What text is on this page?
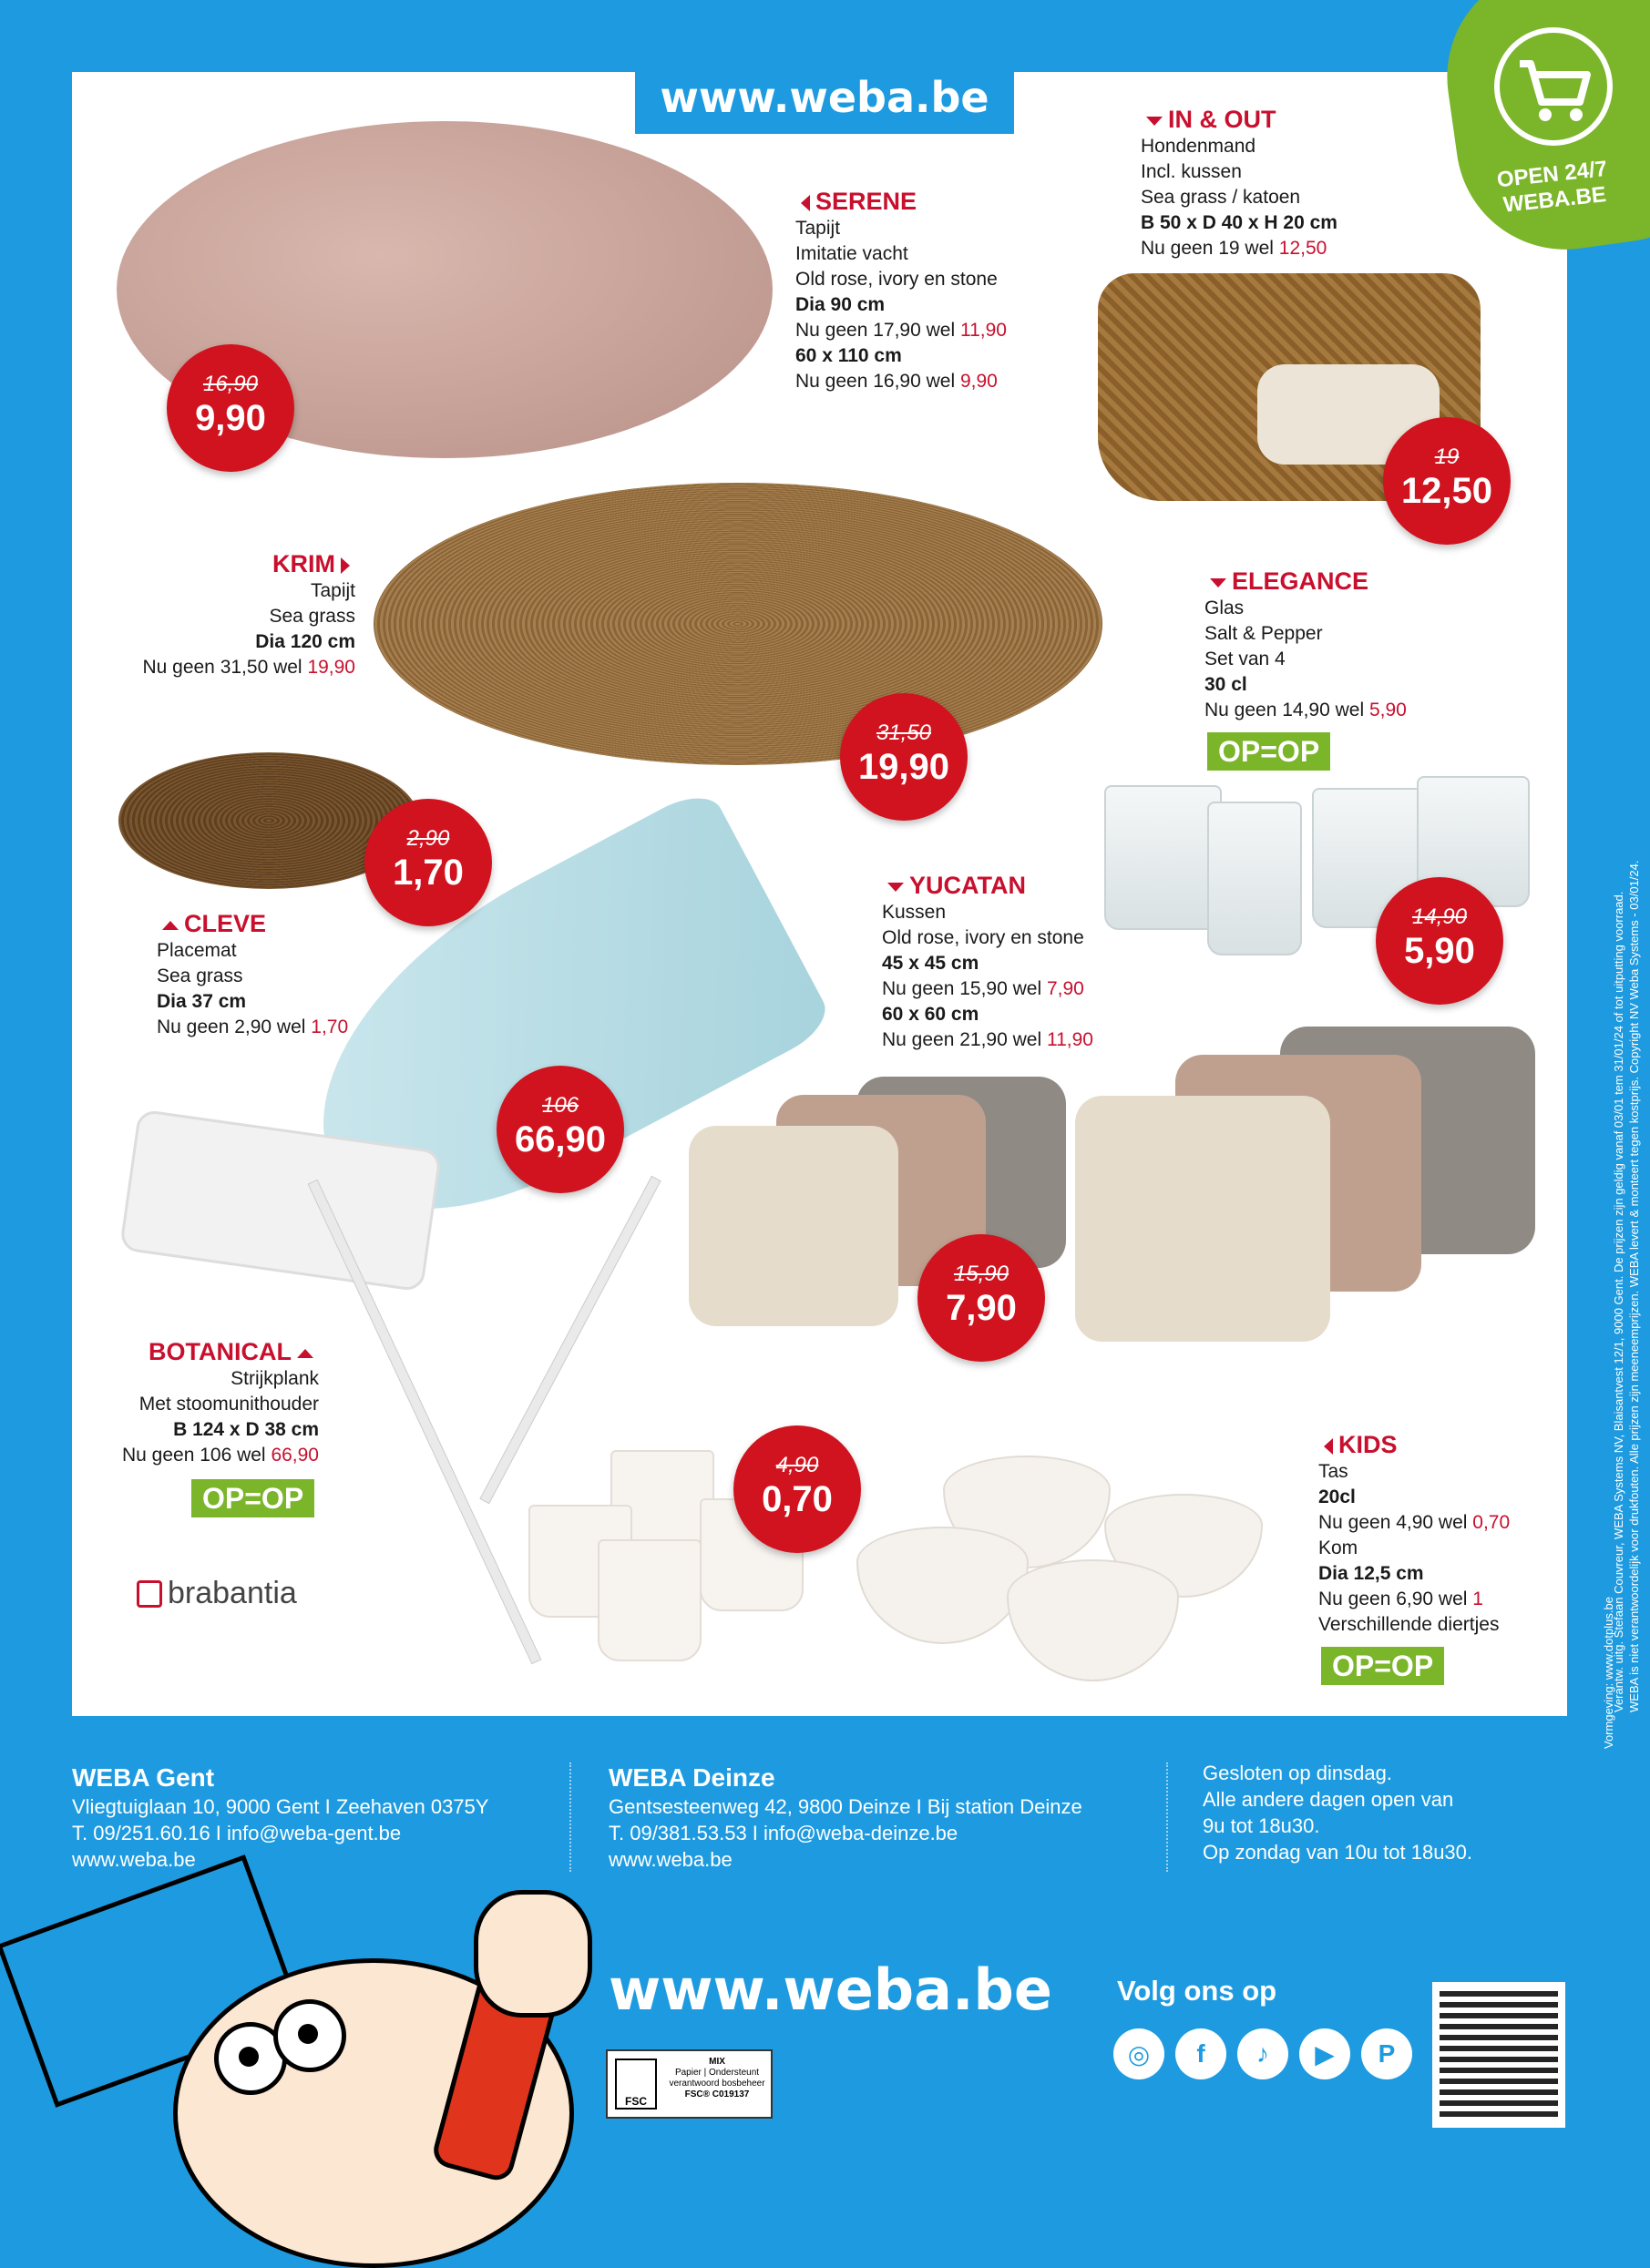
OPEN 24/7
WEBA.BE
www.weba.be
SERENE
Tapijt
Imitatie vacht
Old rose, ivory en stone
Dia 90 cm
Nu geen 17,90 wel 11,90
60 x 110 cm
Nu geen 16,90 wel 9,90
IN & OUT
Hondenmand
Incl. kussen
Sea grass / katoen
B 50 x D 40 x H 20 cm
Nu geen 19 wel 12,50
KRIM
Tapijt
Sea grass
Dia 120 cm
Nu geen 31,50 wel 19,90
ELEGANCE
Glas
Salt & Pepper
Set van 4
30 cl
Nu geen 14,90 wel 5,90
OP=OP
CLEVE
Placemat
Sea grass
Dia 37 cm
Nu geen 2,90 wel 1,70
YUCATAN
Kussen
Old rose, ivory en stone
45 x 45 cm
Nu geen 15,90 wel 7,90
60 x 60 cm
Nu geen 21,90 wel 11,90
BOTANICAL
Strijkplank
Met stoomunithouder
B 124 x D 38 cm
Nu geen 106 wel 66,90
OP=OP
brabantia
KIDS
Tas
20cl
Nu geen 4,90 wel 0,70
Kom
Dia 12,5 cm
Nu geen 6,90 wel 1
Verschillende diertjes
OP=OP
16,90
9,90
19
12,50
31,50
19,90
2,90
1,70
14,90
5,90
106
66,90
15,90
7,90
4,90
0,70	Verantw. uitg. Stefaan Couvreur, WEBA Systems NV, Blaisantvest 12/1, 9000 Gent. De prijzen zijn geldig vanaf 03/01 tem 31/01/24 of tot uitputting voorraad. WEBA is niet verantwoordelijk voor drukfouten. Alle prijzen zijn meeneemprijzen. WEBA levert & monteert tegen kostprijs. Copyright NV Weba Systems - 03/01/24.
Vormgeving: www.dotplus.be
WEBA Gent
Vliegtuiglaan 10, 9000 Gent I Zeehaven 0375Y
T. 09/251.60.16 I info@weba-gent.be
www.weba.be
WEBA Deinze
Gentsesteenweg 42, 9800 Deinze I Bij station Deinze
T. 09/381.53.53 I info@weba-deinze.be
www.weba.be
Gesloten op dinsdag.
Alle andere dagen open van
9u tot 18u30.
Op zondag van 10u tot 18u30.
www.weba.be
FSC
MIX
Papier | Ondersteunt verantwoord bosbeheer
FSC® C019137
Volg ons op
◎	f	♪	▶	P
